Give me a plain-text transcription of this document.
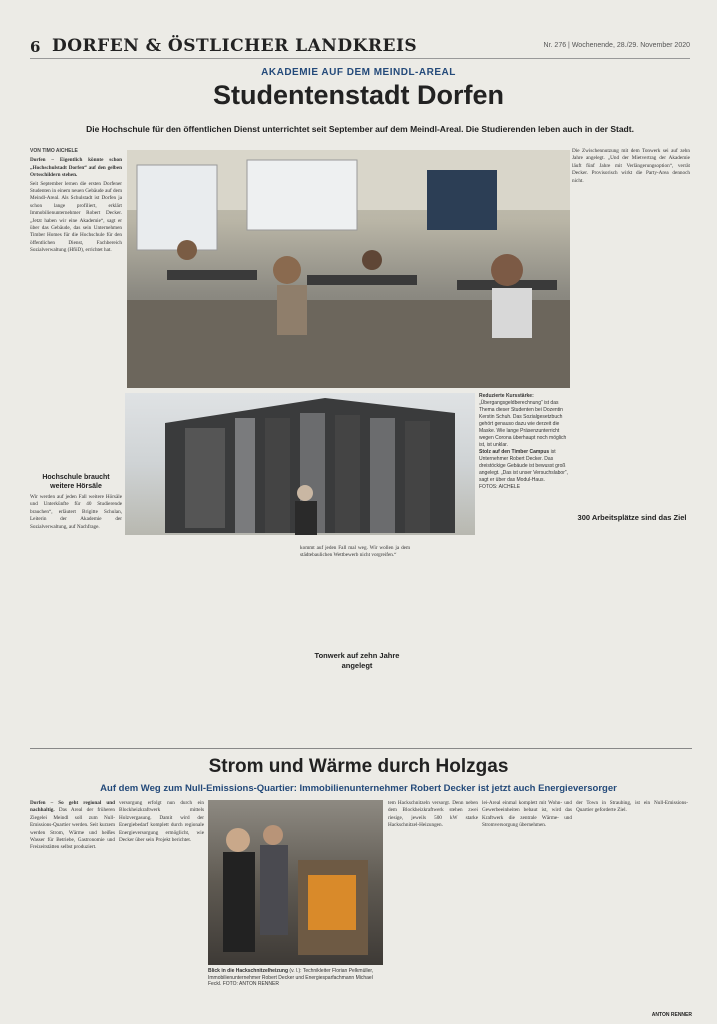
6 DORFEN & ÖSTLICHER LANDKREIS	Nr. 276 | Wochenende, 28./29. November 2020
AKADEMIE AUF DEM MEINDL-AREAL
Studentenstadt Dorfen
Die Hochschule für den öffentlichen Dienst unterrichtet seit September auf dem Meindl-Areal. Die Studierenden leben auch in der Stadt.
VON TIMO AICHELE

Dorfen – Eigentlich könnte schon „Hochschulstadt Dorfen“ auf den gelben Ortsschildern stehen.

Seit September lernen die ersten Dorfener Studenten in einem neuen Gebäude auf dem Meindl-Areal. Als Schulstadt ist Dorfen ja schon lange profiliert, erklärt Immobilienunternehmer Robert Decker. „Jetzt haben wir eine Akademie“, sagt er über das Gebäude, das sein Unternehmen Timber Homes für die Hochschule für den öffentlichen Dienst, Fachbereich Sozialverwaltung (HföD), errichtet hat.

Reduzierte Kursstärke: „Übergangsgeldberechnung“ ist das Thema dieser Studenten bei Dozentin Kerstin Schuh. Das Sozialgesetzbuch gehört genauso dazu wie derzeit die Maske. Wie lange Präsenzunterricht wegen Corona überhaupt noch möglich ist, ist unklar.
Stolz auf den Timber Campus ist Unternehmer Robert Decker. Das dreistöckige Gebäude ist bewusst groß angelegt. „Das ist unser Versuchslabor“, sagt er über das Modul-Haus.
FOTOS: AICHELE

Die Zwischennutzung mit dem Tonwerk sei auf zehn Jahre angelegt. „Und der Mietvertrag der Akademie läuft fünf Jahre mit Verlängerungsoption“, verrät Decker. Provisorisch wirkt die Party-Area dennoch nicht.

300 Arbeitsplätze sind das Ziel
Hochschule braucht weitere Hörsäle

Wir werden auf jeden Fall weitere Hörsäle und Unterkünfte für 40 Studierende brauchen“, erläutert Brigitte Schulan, Leiterin der Akademie der Sozialverwaltung, auf Nachfrage.

kommt auf jeden Fall mal weg. Wir wollen ja dem städtebaulichen Wettbewerb nicht vorgreifen.“

Tonwerk auf zehn Jahre angelegt
Strom und Wärme durch Holzgas
Auf dem Weg zum Null-Emissions-Quartier: Immobilienunternehmer Robert Decker ist jetzt auch Energieversorger

Dorfen – So geht regional und nachhaltig. Das Areal der früheren Ziegelei Meindl soll zum Null-Emissions-Quartier werden. Seit kurzem werden Strom, Wärme und heißes Wasser für Betriebe, Gastronomie und Freizeitstätten selbst produziert.

versorgung erfolgt nun durch ein Blockheizkraftwerk mittels Holzvergasung. Damit wird der Energiebedarf komplett durch regionale Energieversorgung ermöglicht, wie Decker über sein Projekt berichtet.

Blick in die Hackschnitzelheizung (v. l.): Technikleiter Florian Pelkmüller, Immobilienunternehmer Robert Decker und Energiesparfachmann Michael Feckl. FOTO: ANTON RENNER

tem Hackschnitzeln versorgt. Denn neben dem Blockheizkraftwerk stehen zwei riesige, jeweils 500 kW starke Hackschnitzel-Heizungen.

lei-Areal einmal komplett mit Wohn- und Gewerbeeinheiten bebaut ist, wird das Kraftwerk die zentrale Wärme- und Stromversorgung übernehmen.

der Town in Straubing, ist ein Null-Emissions-Quartier geforderte Ziel.

ANTON RENNER
